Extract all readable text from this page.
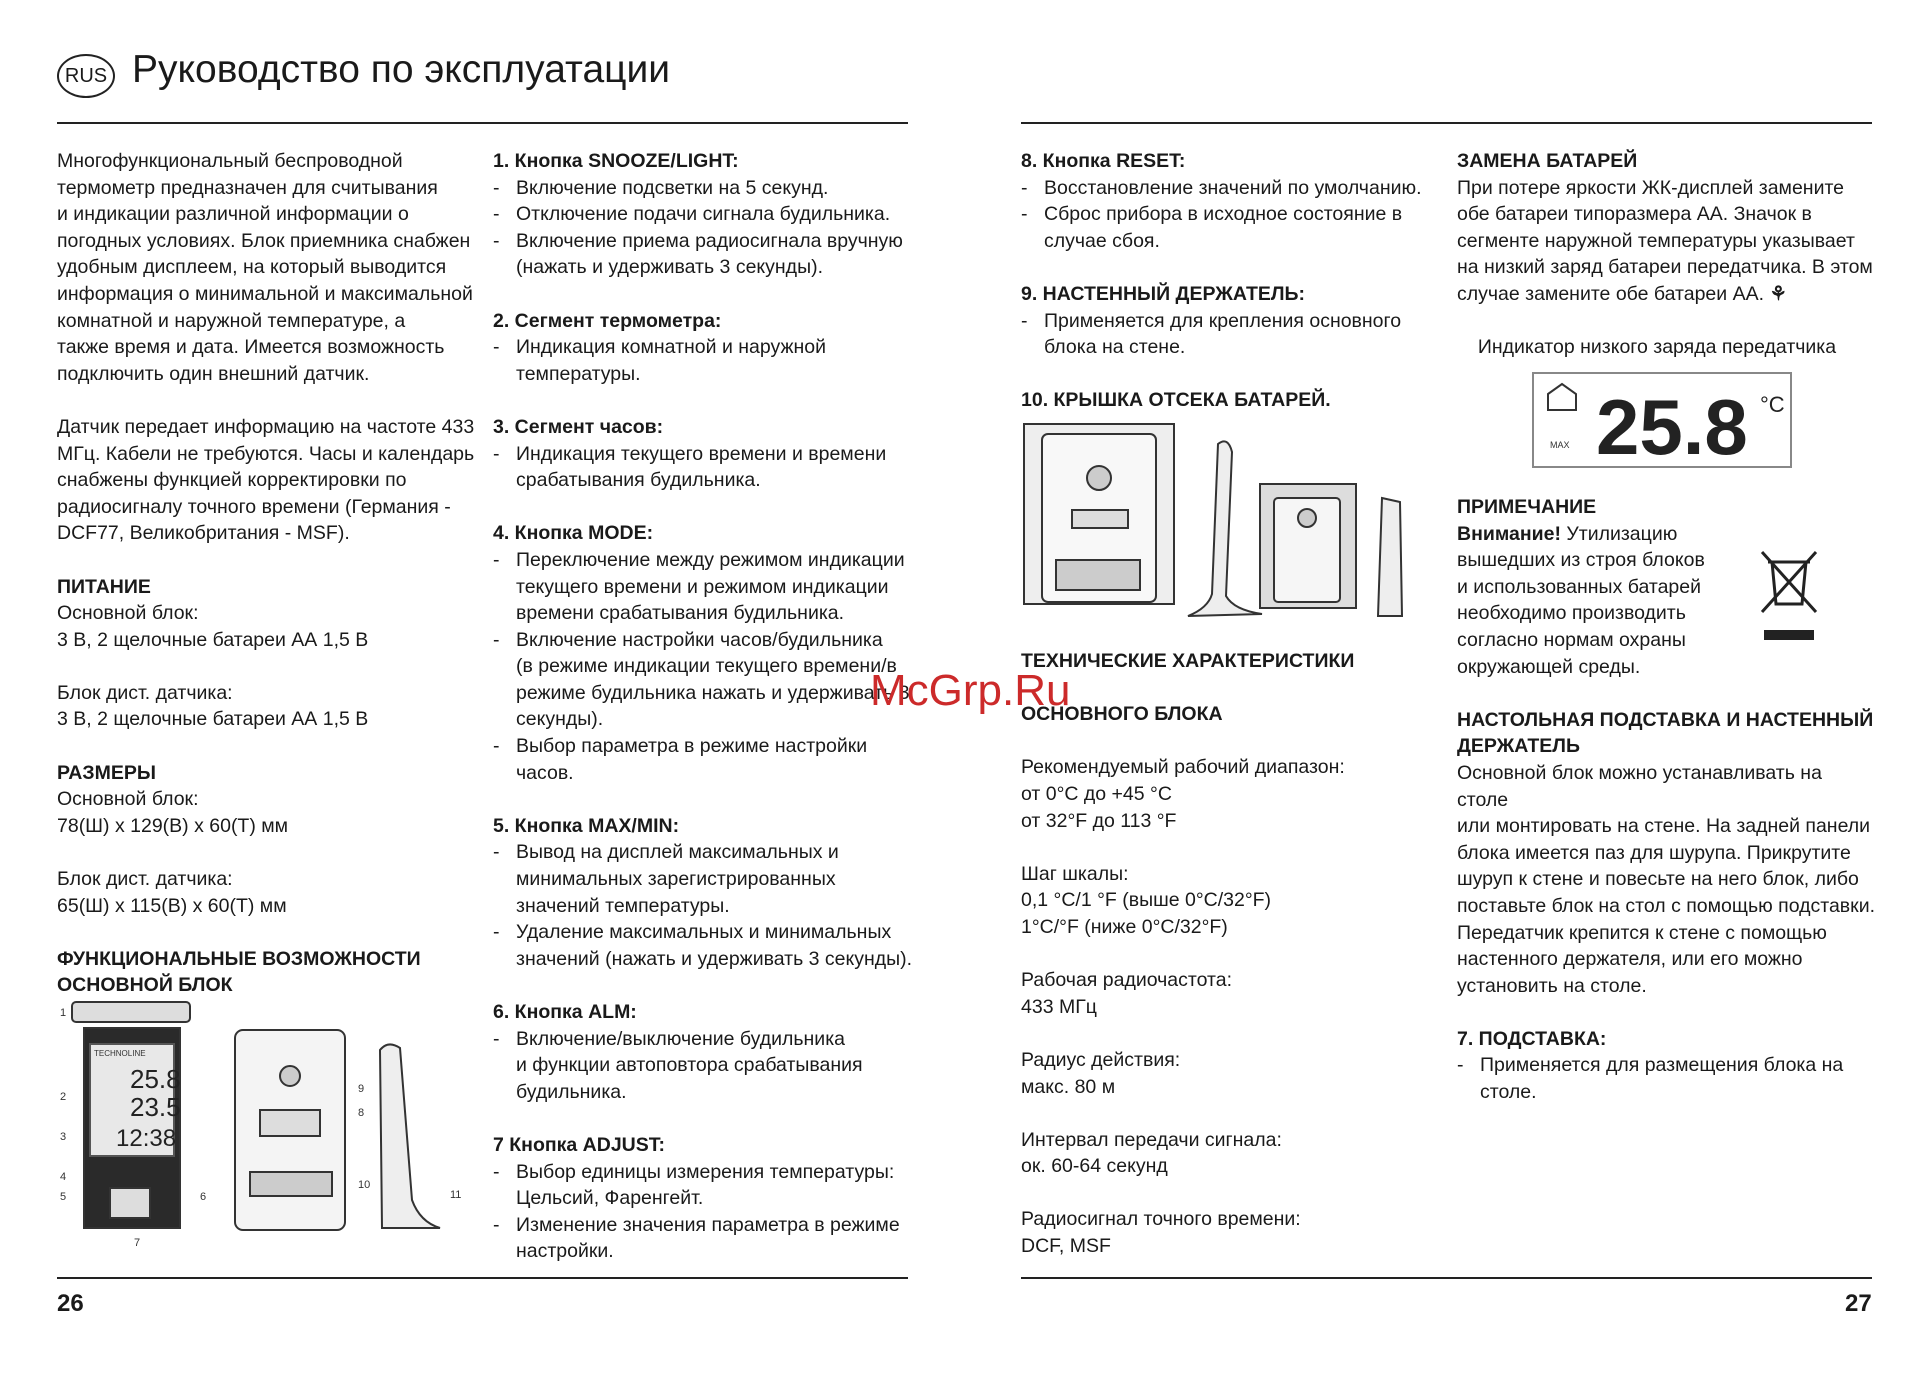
RUS Руководство по эксплуатации
26	27

Многофункциональный беспроводной

термометр предназначен для считывания

и индикации различной информации о

погодных условиях. Блок приемника снабжен

удобным дисплеем, на который выводится

информация о минимальной и максимальной

комнатной и наружной температуре, а

также время и дата. Имеется возможность

подключить один внешний датчик.

Датчик передает информацию на частоте 433

МГц. Кабели не требуются. Часы и календарь

снабжены функцией корректировки по

радиосигналу точного времени (Германия -

DCF77, Великобритания - MSF).

ПИТАНИЕ

Основной блок:

3 В, 2 щелочные батареи АА 1,5 В

Блок дист. датчика:

3 В, 2 щелочные батареи АА 1,5 В

РАЗМЕРЫ

Основной блок:

78(Ш) x 129(В) x 60(Т) мм

Блок дист. датчика:

65(Ш) x 115(В) x 60(Т) мм

ФУНКЦИОНАЛЬНЫЕ ВОЗМОЖНОСТИ

ОСНОВНОЙ БЛОК

1
2
3
4
5	6
7
9
8
10
11
TECHNOLINE
25.8
23.5
12:38

1. Кнопка SNOOZE/LIGHT:

- Включение подсветки на 5 секунд.

- Отключение подачи сигнала будильника.

- Включение приема радиосигнала вручную

(нажать и удерживать 3 секунды).

2. Сегмент термометра:

- Индикация комнатной и наружной

температуры.

3. Сегмент часов:

- Индикация текущего времени и времени

срабатывания будильника.

4. Кнопка MODE:

- Переключение между режимом индикации

текущего времени и режимом индикации

времени срабатывания будильника.

- Включение настройки часов/будильника

(в режиме индикации текущего времени/в

режиме будильника нажать и удерживать 3

секунды).

- Выбор параметра в режиме настройки

часов.

5. Кнопка MAX/MIN:

- Вывод на дисплей максимальных и

минимальных зарегистрированных

значений температуры.

- Удаление максимальных и минимальных

значений (нажать и удерживать 3 секунды).

6. Кнопка ALM:

- Включение/выключение будильника

и функции автоповтора срабатывания

будильника.

7 Кнопка ADJUST:

- Выбор единицы измерения температуры:

Цельсий, Фаренгейт.

- Изменение значения параметра в режиме

настройки.

8. Кнопка RESET:

- Восстановление значений по умолчанию.

- Сброс прибора в исходное состояние в

случае сбоя.

9. НАСТЕННЫЙ ДЕРЖАТЕЛЬ:

- Применяется для крепления основного

блока на стене.

10. КРЫШКА ОТСЕКА БАТАРЕЙ.

ТЕХНИЧЕСКИЕ ХАРАКТЕРИСТИКИ

ОСНОВНОГО БЛОКА

Рекомендуемый рабочий диапазон:

от 0°С до +45 °С

от 32°F до 113 °F

Шаг шкалы:

0,1 °С/1 °F (выше 0°С/32°F)

1°С/°F (ниже 0°С/32°F)

Рабочая радиочастота:

433 МГц

Радиус действия:

макс. 80 м

Интервал передачи сигнала:

ок. 60-64 секунд

Радиосигнал точного времени:

DCF, MSF

ЗАМЕНА БАТАРЕЙ

При потере яркости ЖК-дисплей замените

обе батареи типоразмера АА. Значок в

сегменте наружной температуры указывает

на низкий заряд батареи передатчика. В этом

случае замените обе батареи АА. ⚘

Индикатор низкого заряда передатчика

MAX 25.8 °C

ПРИМЕЧАНИЕ

Внимание! Утилизацию

вышедших из строя блоков

и использованных батарей

необходимо производить

согласно нормам охраны

окружающей среды.

НАСТОЛЬНАЯ ПОДСТАВКА И НАСТЕННЫЙ

ДЕРЖАТЕЛЬ

Основной блок можно устанавливать на столе

или монтировать на стене. На задней панели

блока имеется паз для шурупа. Прикрутите

шуруп к стене и повесьте на него блок, либо

поставьте блок на стол с помощью подставки.

Передатчик крепится к стене с помощью

настенного держателя, или его можно

установить на столе.

7. ПОДСТАВКА:

- Применяется для размещения блока на

столе.

McGrp.Ru
